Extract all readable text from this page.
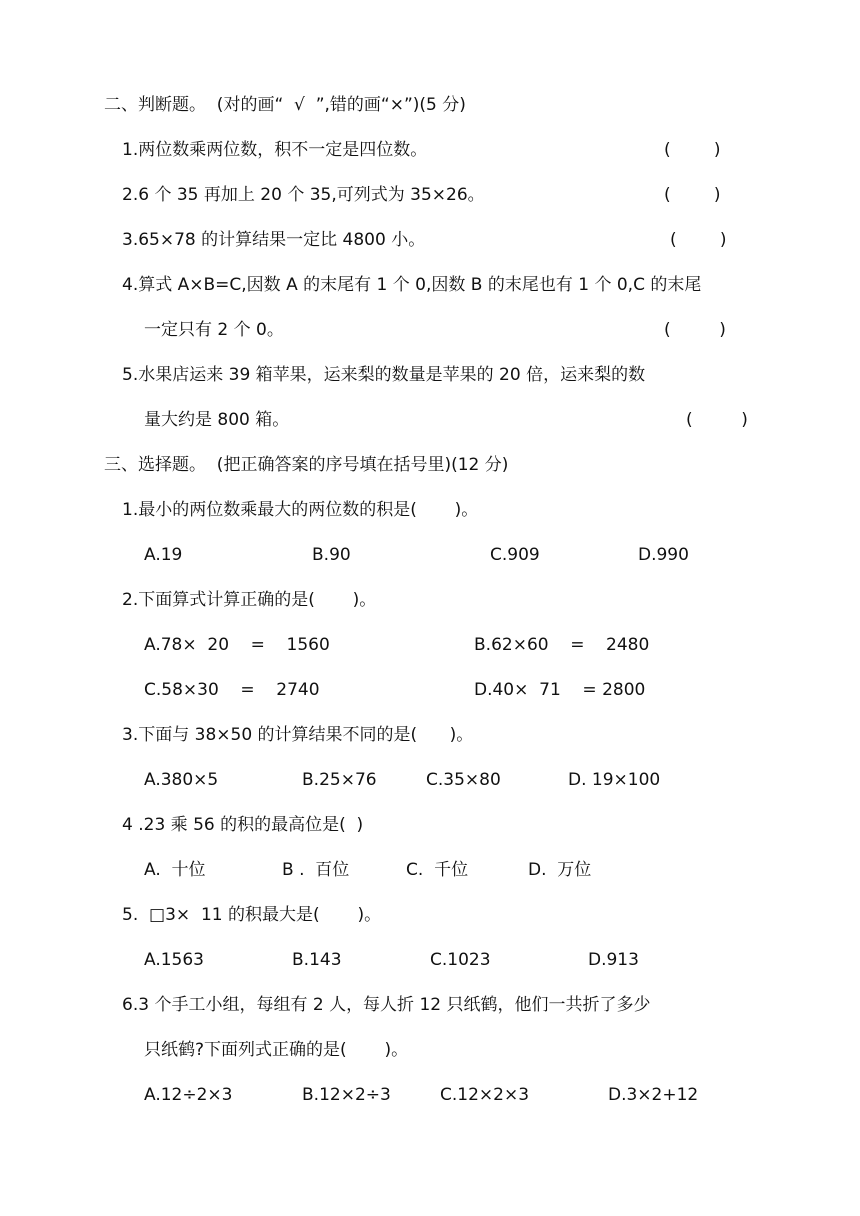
二、判断题。  (对的画“  √  ”,错的画“×”)(5 分)
1.两位数乘两位数，积不一定是四位数。	(        )
2.6 个 35 再加上 20 个 35,可列式为 35×26。	(        )
3.65×78 的计算结果一定比 4800 小。	(        )
4.算式 A×B=C,因数 A 的末尾有 1 个 0,因数 B 的末尾也有 1 个 0,C 的末尾
一定只有 2 个 0。	(         )
5.水果店运来 39 箱苹果，运来梨的数量是苹果的 20 倍，运来梨的数
量大约是 800 箱。	(         )
三、选择题。  (把正确答案的序号填在括号里)(12 分)
1.最小的两位数乘最大的两位数的积是(       )。
A.19	B.90	C.909	D.990
2.下面算式计算正确的是(       )。
A.78×  20    =    1560	B.62×60    =    2480
C.58×30    =    2740	D.40×  71    = 2800
3.下面与 38×50 的计算结果不同的是(      )。
A.380×5	B.25×76	C.35×80	D. 19×100
4 .23 乘 56 的积的最高位是(  )
A.  十位	B .  百位	C.  千位	D.  万位
5.  □3×  11 的积最大是(       )。
A.1563	B.143	C.1023	D.913
6.3 个手工小组，每组有 2 人，每人折 12 只纸鹤，他们一共折了多少
只纸鹤?下面列式正确的是(       )。
A.12÷2×3	B.12×2÷3	C.12×2×3	D.3×2+12
